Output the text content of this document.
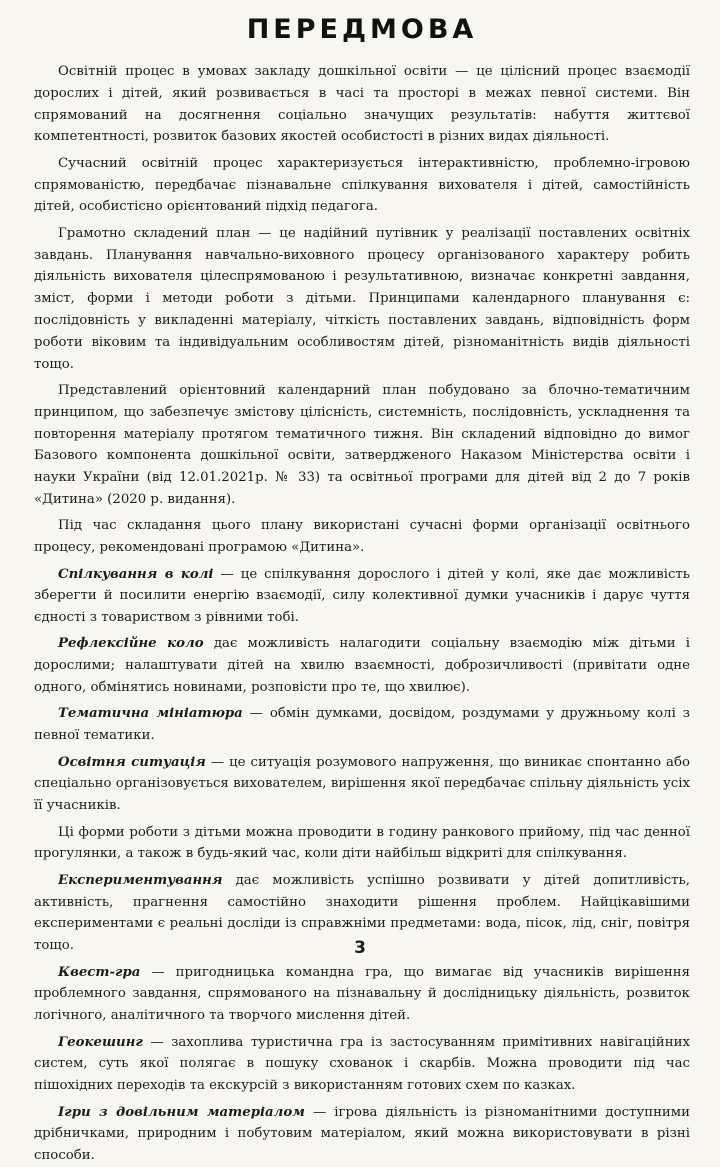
ПЕРЕДМОВА

Освітній процес в умовах закладу дошкільної освіти — це цілісний процес взаємодії дорослих і дітей, який розвивається в часі та просторі в межах певної системи. Він спрямований на досягнення соціально значущих результатів: набуття життєвої компетентності, розвиток базових якостей особистості в різних видах діяльності.

Сучасний освітній процес характеризується інтерактивністю, проблемно-ігровою спрямованістю, передбачає пізнавальне спілкування вихователя і дітей, самостійність дітей, особистісно орієнтований підхід педагога.

Грамотно складений план — це надійний путівник у реалізації поставлених освітніх завдань. Планування навчально-виховного процесу організованого характеру робить діяльність вихователя цілеспрямованою і результативною, визначає конкретні завдання, зміст, форми і методи роботи з дітьми. Принципами календарного планування є: послідовність у викладенні матеріалу, чіткість поставлених завдань, відповідність форм роботи віковим та індивідуальним особливостям дітей, різноманітність видів діяльності тощо.

Представлений орієнтовний календарний план побудовано за блочно-тематичним принципом, що забезпечує змістову цілісність, системність, послідовність, ускладнення та повторення матеріалу протягом тематичного тижня. Він складений відповідно до вимог Базового компонента дошкільної освіти, затвердженого Наказом Міністерства освіти і науки України (від 12.01.2021р. № 33) та освітньої програми для дітей від 2 до 7 років «Дитина» (2020 р. видання).

Під час складання цього плану використані сучасні форми організації освітнього процесу, рекомендовані програмою «Дитина».

Спілкування в колі — це спілкування дорослого і дітей у колі, яке дає можливість зберегти й посилити енергію взаємодії, силу колективної думки учасників і дарує чуття єдності з товариством з рівними тобі.

Рефлексійне коло дає можливість налагодити соціальну взаємодію між дітьми і дорослими; налаштувати дітей на хвилю взаємності, доброзичливості (привітати одне одного, обмінятись новинами, розповісти про те, що хвилює).

Тематична мініатюра — обмін думками, досвідом, роздумами у дружньому колі з певної тематики.

Освітня ситуація — це ситуація розумового напруження, що виникає спонтанно або спеціально організовується вихователем, вирішення якої передбачає спільну діяльність усіх її учасників.

Ці форми роботи з дітьми можна проводити в годину ранкового прийому, під час денної прогулянки, а також в будь-який час, коли діти найбільш відкриті для спілкування.

Експериментування дає можливість успішно розвивати у дітей допитливість, активність, прагнення самостійно знаходити рішення проблем. Найцікавішими експериментами є реальні досліди із справжніми предметами: вода, пісок, лід, сніг, повітря тощо.

Квест-гра — пригодницька командна гра, що вимагає від учасників вирішення проблемного завдання, спрямованого на пізнавальну й дослідницьку діяльність, розвиток логічного, аналітичного та творчого мислення дітей.

Геокешинг — захоплива туристична гра із застосуванням примітивних навігаційних систем, суть якої полягає в пошуку схованок і скарбів. Можна проводити під час пішохідних переходів та екскурсій з використанням готових схем по казках.

Ігри з довільним матеріалом — ігрова діяльність із різноманітними доступними дрібничками, природним і побутовим матеріалом, який можна використовувати в різні способи.

3
